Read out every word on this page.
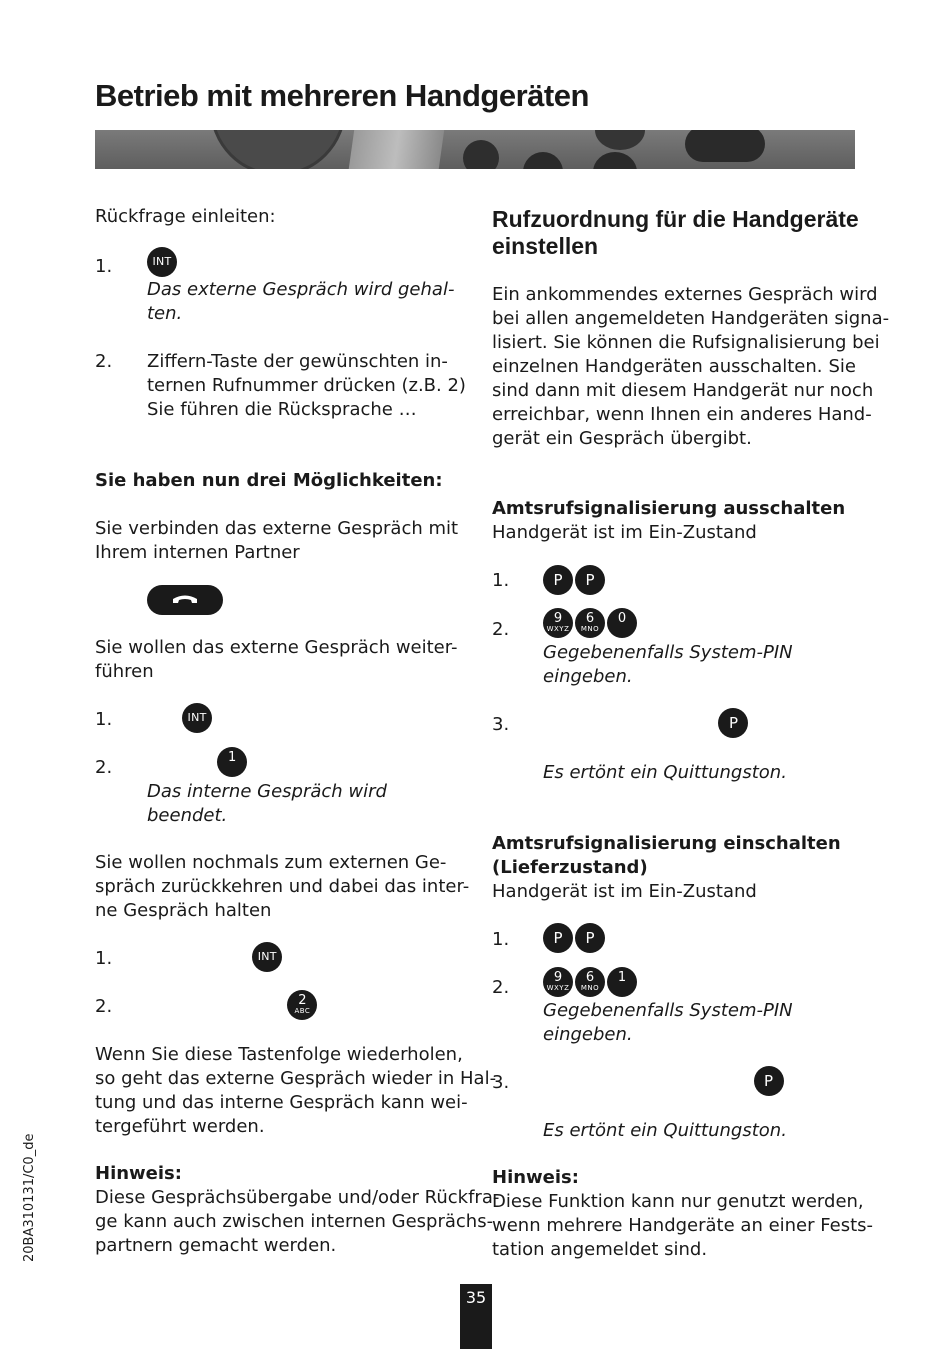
Betrieb mit mehreren Handgeräten

Rückfrage einleiten:

1.	INT

Das externe Gespräch wird gehal-

ten.

2. Ziffern-Taste der gewünschten in-

ternen Rufnummer drücken (z.B. 2)

Sie führen die Rücksprache …

Sie haben nun drei Möglichkeiten:

Sie verbinden das externe Gespräch mit

Ihrem internen Partner

Sie wollen das externe Gespräch weiter-

führen

1.	INT
2.	1

Das interne Gespräch wird

beendet.

Sie wollen nochmals zum externen Ge-

spräch zurückkehren und dabei das inter-

ne Gespräch halten

1.	INT
2.	2
ABC

Wenn Sie diese Tastenfolge wiederholen,

so geht das externe Gespräch wieder in Hal-

tung und das interne Gespräch kann wei-

tergeführt werden.

Hinweis:

Diese Gesprächsübergabe und/oder Rückfra-

ge kann auch zwischen internen Gesprächs-

partnern gemacht werden.

Rufzuordnung für die Handgeräte

einstellen

Ein ankommendes externes Gespräch wird

bei allen angemeldeten Handgeräten signa-

lisiert. Sie können die Rufsignalisierung bei

einzelnen Handgeräten ausschalten. Sie

sind dann mit diesem Handgerät nur noch

erreichbar, wenn Ihnen ein anderes Hand-

gerät ein Gespräch übergibt.

Amtsrufsignalisierung ausschalten

Handgerät ist im Ein-Zustand

1.	P P
2.
9
WXYZ
6
MNO
0

Gegebenenfalls System-PIN

eingeben.

3.	P

Es ertönt ein Quittungston.

Amtsrufsignalisierung einschalten

(Lieferzustand)

Handgerät ist im Ein-Zustand

1.	P P
2.	9
WXYZ
6
MNO
1

Gegebenenfalls System-PIN

eingeben.

3.	P

Es ertönt ein Quittungston.

Hinweis:

Diese Funktion kann nur genutzt werden,

wenn mehrere Handgeräte an einer Fests-

tation angemeldet sind.

20BA310131/C0_de
35
